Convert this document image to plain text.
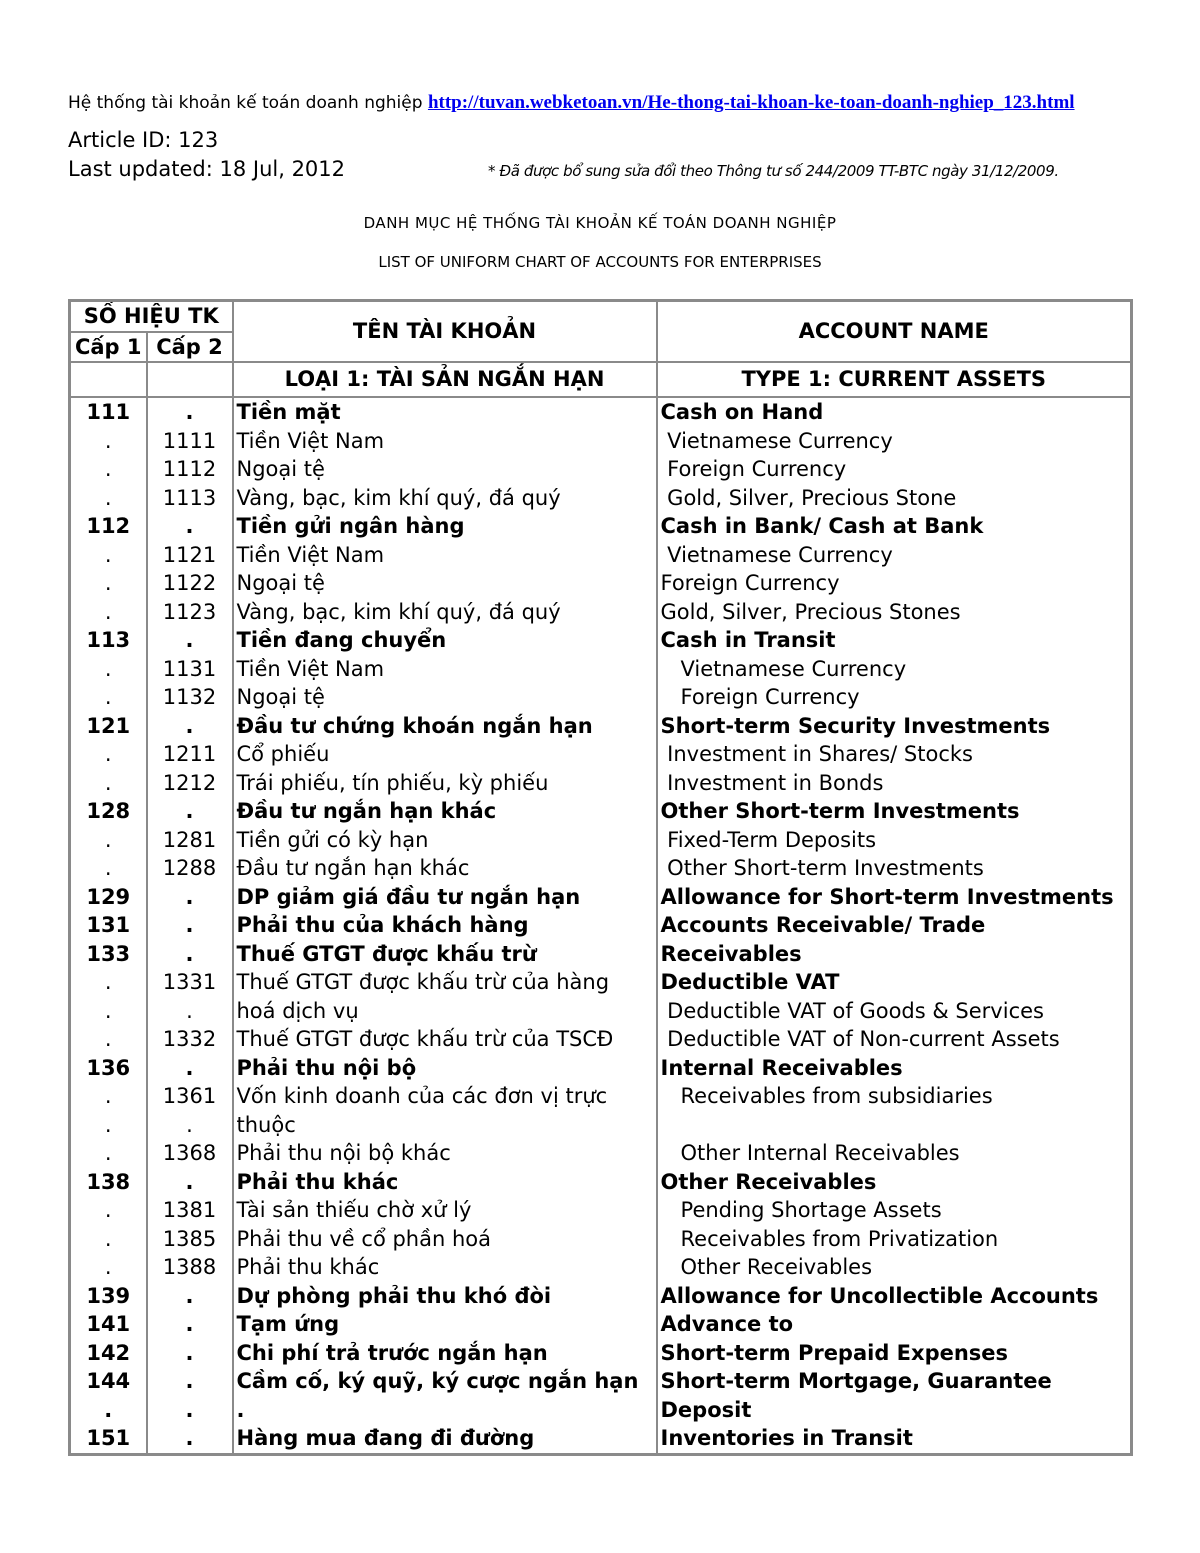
Hệ thống tài khoản kế toán doanh nghiệp http://tuvan.webketoan.vn/He-thong-tai-khoan-ke-toan-doanh-nghiep_123.html
Article ID: 123
Last updated: 18 Jul, 2012	* Đã được bổ sung sửa đổi theo Thông tư số 244/2009 TT-BTC ngày 31/12/2009.
DANH MỤC HỆ THỐNG TÀI KHOẢN KẾ TOÁN DOANH NGHIỆP
LIST OF UNIFORM CHART OF ACCOUNTS FOR ENTERPRISES
SỐ HIỆU TK		TÊN TÀI KHOẢN	ACCOUNT NAME
Cấp 1	Cấp 2		
		LOẠI 1: TÀI SẢN NGẮN HẠN	TYPE 1: CURRENT ASSETS
111	.	Tiền mặt	Cash on Hand
.	1111	Tiền Việt Nam	Vietnamese Currency
.	1112	Ngoại tệ	Foreign Currency
.	1113	Vàng, bạc, kim khí quý, đá quý	Gold, Silver, Precious Stone
112	.	Tiền gửi ngân hàng	Cash in Bank/ Cash at Bank
.	1121	Tiền Việt Nam	Vietnamese Currency
.	1122	Ngoại tệ	Foreign Currency
.	1123	Vàng, bạc, kim khí quý, đá quý	Gold, Silver, Precious Stones
113	.	Tiền đang chuyển	Cash in Transit
.	1131	Tiền Việt Nam	Vietnamese Currency
.	1132	Ngoại tệ	Foreign Currency
121	.	Đầu tư chứng khoán ngắn hạn	Short-term Security Investments
.	1211	Cổ phiếu	Investment in Shares/ Stocks
.	1212	Trái phiếu, tín phiếu, kỳ phiếu	Investment in Bonds
128	.	Đầu tư ngắn hạn khác	Other Short-term Investments
.	1281	Tiền gửi có kỳ hạn	Fixed-Term Deposits
.	1288	Đầu tư ngắn hạn khác	Other Short-term Investments
129	.	DP giảm giá đầu tư ngắn hạn	Allowance for Short-term Investments
131	.	Phải thu của khách hàng	Accounts Receivable/ Trade
133	.	Thuế GTGT được khấu trừ	Receivables
.	1331	Thuế GTGT được khấu trừ của hàng	Deductible VAT
.	.	hoá dịch vụ	Deductible VAT of Goods & Services
.	1332	Thuế GTGT được khấu trừ của TSCĐ	Deductible VAT of Non-current Assets
136	.	Phải thu nội bộ	Internal Receivables
.	1361	Vốn kinh doanh của các đơn vị trực	Receivables from subsidiaries
.	.	thuộc	
.	1368	Phải thu nội bộ khác	Other Internal Receivables
138	.	Phải thu khác	Other Receivables
.	1381	Tài sản thiếu chờ xử lý	Pending Shortage Assets
.	1385	Phải thu về cổ phần hoá	Receivables from Privatization
.	1388	Phải thu khác	Other Receivables
139	.	Dự phòng phải thu khó đòi	Allowance for Uncollectible Accounts
141	.	Tạm ứng	Advance to
142	.	Chi phí trả trước ngắn hạn	Short-term Prepaid Expenses
144	.	Cầm cố, ký quỹ, ký cược ngắn hạn	Short-term Mortgage, Guarantee
.	.	.	Deposit
151	.	Hàng mua đang đi đường	Inventories in Transit
